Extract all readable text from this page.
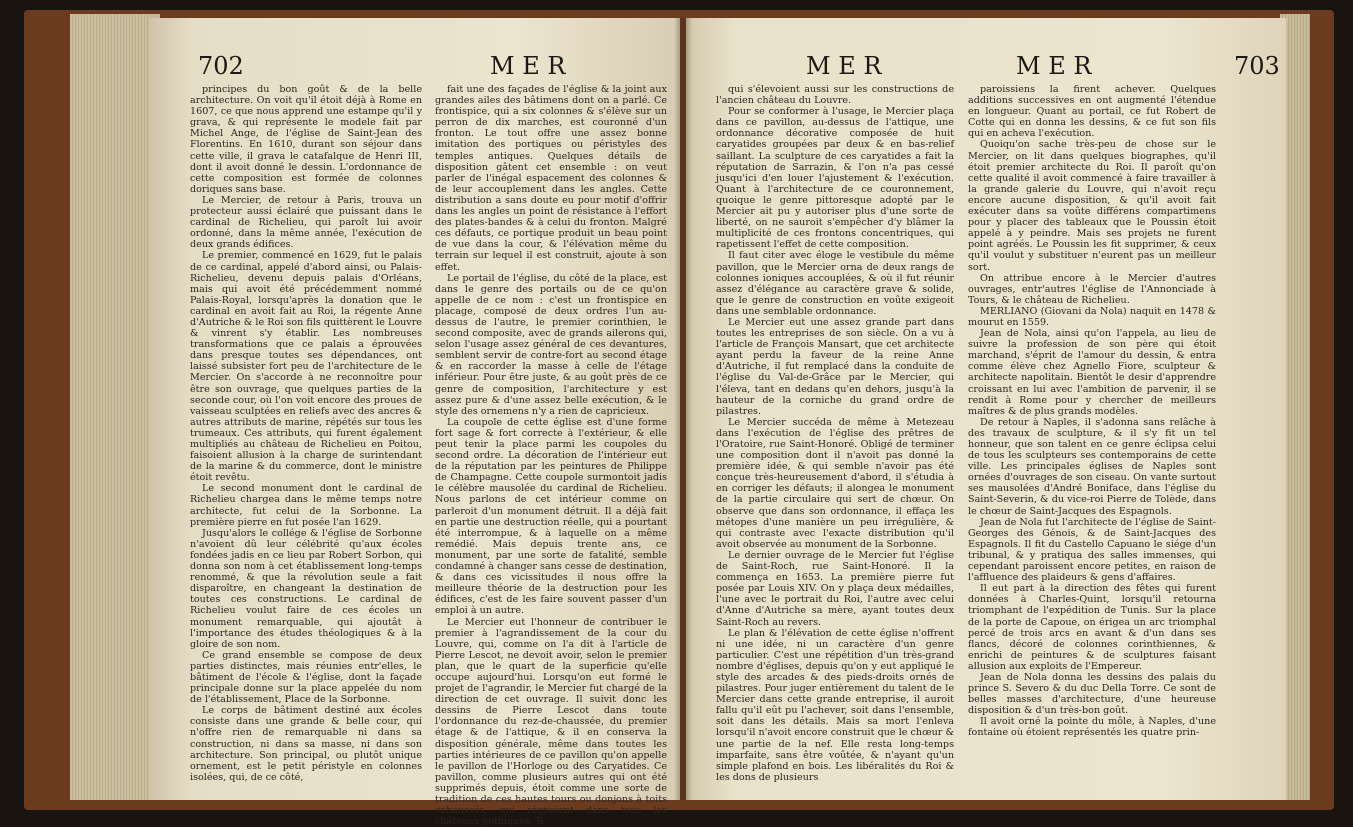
702	M E R

principes du bon goût & de la belle architecture. On voit qu'il étoit déjà à Rome en 1607, ce que nous apprend une estampe qu'il y grava, & qui représente le modele fait par Michel Ange, de l'église de Saint-Jean des Florentins. En 1610, durant son séjour dans cette ville, il grava le catafalque de Henri III, dont il avoit donné le dessin. L'ordonnance de cette composition est formée de colonnes doriques sans base.

Le Mercier, de retour à Paris, trouva un protecteur aussi éclairé que puissant dans le cardinal de Richelieu, qui paroît lui avoir ordonné, dans la même année, l'exécution de deux grands édifices.

Le premier, commencé en 1629, fut le palais de ce cardinal, appelé d'abord ainsi, ou Palais-Richelieu, devenu depuis palais d'Orléans, mais qui avoit été précédemment nommé Palais-Royal, lorsqu'après la donation que le cardinal en avoit fait au Roi, la régente Anne d'Autriche & le Roi son fils quittèrent le Louvre & vinrent s'y établir. Les nombreuses transformations que ce palais a éprouvées dans presque toutes ses dépendances, ont laissé subsister fort peu de l'architecture de le Mercier. On s'accorde à ne reconnoître pour être son ouvrage, que quelques parties de la seconde cour, où l'on voit encore des proues de vaisseau sculptées en reliefs avec des ancres & autres attributs de marine, répétés sur tous les trumeaux. Ces attributs, qui furent également multipliés au château de Richelieu en Poitou, faisoient allusion à la charge de surintendant de la marine & du commerce, dont le ministre étoit revêtu.

Le second monument dont le cardinal de Richelieu chargea dans le même temps notre architecte, fut celui de la Sorbonne. La première pierre en fut posée l'an 1629.

Jusqu'alors le collége & l'église de Sorbonne n'avoient dû leur célébrité qu'aux écoles fondées jadis en ce lieu par Robert Sorbon, qui donna son nom à cet établissement long-temps renommé, & que la révolution seule a fait disparoître, en changeant la destination de toutes ces constructions. Le cardinal de Richelieu voulut faire de ces écoles un monument remarquable, qui ajoutât à l'importance des études théologiques & à la gloire de son nom.

Ce grand ensemble se compose de deux parties distinctes, mais réunies entr'elles, le bâtiment de l'école & l'église, dont la façade principale donne sur la place appelée du nom de l'établissement, Place de la Sorbonne.

Le corps de bâtiment destiné aux écoles consiste dans une grande & belle cour, qui n'offre rien de remarquable ni dans sa construction, ni dans sa masse, ni dans son architecture. Son principal, ou plutôt unique ornement, est le petit péristyle en colonnes isolées, qui, de ce côté,

fait une des façades de l'église & la joint aux grandes ailes des bâtimens dont on a parlé. Ce frontispice, qui a six colonnes & s'élève sur un perron de dix marches, est couronné d'un fronton. Le tout offre une assez bonne imitation des portiques ou péristyles des temples antiques. Quelques détails de disposition gâtent cet ensemble : on veut parler de l'inégal espacement des colonnes & de leur accouplement dans les angles. Cette distribution a sans doute eu pour motif d'offrir dans les angles un point de résistance à l'effort des plates-bandes & à celui du fronton. Malgré ces défauts, ce portique produit un beau point de vue dans la cour, & l'élévation même du terrain sur lequel il est construit, ajoute à son effet.

Le portail de l'église, du côté de la place, est dans le genre des portails ou de ce qu'on appelle de ce nom : c'est un frontispice en placage, composé de deux ordres l'un au-dessus de l'autre, le premier corinthien, le second composite, avec de grands ailerons qui, selon l'usage assez général de ces devantures, semblent servir de contre-fort au second étage & en raccorder la masse à celle de l'étage inférieur. Pour être juste, & au goût près de ce genre de composition, l'architecture y est assez pure & d'une assez belle exécution, & le style des ornemens n'y a rien de capricieux.

La coupole de cette église est d'une forme fort sage & fort correcte à l'extérieur, & elle peut tenir la place parmi les coupoles du second ordre. La décoration de l'intérieur eut de la réputation par les peintures de Philippe de Champagne. Cette coupole surmontoit jadis le célèbre mausolée du cardinal de Richelieu. Nous parlons de cet intérieur comme on parleroit d'un monument détruit. Il a déjà fait en partie une destruction réelle, qui a pourtant été interrompue, & à laquelle on a même remédié. Mais depuis trente ans, ce monument, par une sorte de fatalité, semble condamné à changer sans cesse de destination, & dans ces vicissitudes il nous offre la meilleure théorie de la destruction pour les édifices, c'est de les faire souvent passer d'un emploi à un autre.

Le Mercier eut l'honneur de contribuer le premier à l'agrandissement de la cour du Louvre, qui, comme on l'a dit à l'article de Pierre Lescot, ne devoit avoir, selon le premier plan, que le quart de la superficie qu'elle occupe aujourd'hui. Lorsqu'on eut formé le projet de l'agrandir, le Mercier fut chargé de la direction de cet ouvrage. Il suivit donc les dessins de Pierre Lescot dans toute l'ordonnance du rez-de-chaussée, du premier étage & de l'attique, & il en conserva la disposition générale, même dans toutes les parties intérieures de ce pavillon qu'on appelle le pavillon de l'Horloge ou des Caryatides. Ce pavillon, comme plusieurs autres qui ont été supprimés depuis, étoit comme une sorte de tradition de ces hautes tours ou donjons à toits exhaussés, qui régnoient dans tous les châteaux gothiques, &

M E R	M E R	703

qui s'élevoient aussi sur les constructions de l'ancien château du Louvre.

Pour se conformer à l'usage, le Mercier plaça dans ce pavillon, au-dessus de l'attique, une ordonnance décorative composée de huit caryatides groupées par deux & en bas-relief saillant. La sculpture de ces caryatides a fait la réputation de Sarrazin, & l'on n'a pas cessé jusqu'ici d'en louer l'ajustement & l'exécution. Quant à l'architecture de ce couronnement, quoique le genre pittoresque adopté par le Mercier ait pu y autoriser plus d'une sorte de liberté, on ne sauroit s'empêcher d'y blâmer la multiplicité de ces frontons concentriques, qui rapetissent l'effet de cette composition.

Il faut citer avec éloge le vestibule du même pavillon, que le Mercier orna de deux rangs de colonnes ioniques accouplées, & où il fut réunir assez d'élégance au caractère grave & solide, que le genre de construction en voûte exigeoit dans une semblable ordonnance.

Le Mercier eut une assez grande part dans toutes les entreprises de son siècle. On a vu à l'article de François Mansart, que cet architecte ayant perdu la faveur de la reine Anne d'Autriche, il fut remplacé dans la conduite de l'église du Val-de-Grâce par le Mercier, qui l'éleva, tant en dedans qu'en dehors, jusqu'à la hauteur de la corniche du grand ordre de pilastres.

Le Mercier succéda de même à Metezeau dans l'exécution de l'église des prêtres de l'Oratoire, rue Saint-Honoré. Obligé de terminer une composition dont il n'avoit pas donné la première idée, & qui semble n'avoir pas été conçue très-heureusement d'abord, il s'étudia à en corriger les défauts; il alongea le monument de la partie circulaire qui sert de chœur. On observe que dans son ordonnance, il effaça les métopes d'une manière un peu irrégulière, & qui contraste avec l'exacte distribution qu'il avoit observée au monument de la Sorbonne.

Le dernier ouvrage de le Mercier fut l'église de Saint-Roch, rue Saint-Honoré. Il la commença en 1653. La première pierre fut posée par Louis XIV. On y plaça deux médailles, l'une avec le portrait du Roi, l'autre avec celui d'Anne d'Autriche sa mère, ayant toutes deux Saint-Roch au revers.

Le plan & l'élévation de cette église n'offrent ni une idée, ni un caractère d'un genre particulier. C'est une répétition d'un très-grand nombre d'églises, depuis qu'on y eut appliqué le style des arcades & des pieds-droits ornés de pilastres. Pour juger entièrement du talent de le Mercier dans cette grande entreprise, il auroit fallu qu'il eût pu l'achever, soit dans l'ensemble, soit dans les détails. Mais sa mort l'enleva lorsqu'il n'avoit encore construit que le chœur & une partie de la nef. Elle resta long-temps imparfaite, sans être voûtée, & n'ayant qu'un simple plafond en bois. Les libéralités du Roi & les dons de plusieurs

paroissiens la firent achever. Quelques additions successives en ont augmenté l'étendue en longueur. Quant au portail, ce fut Robert de Cotte qui en donna les dessins, & ce fut son fils qui en acheva l'exécution.

Quoiqu'on sache très-peu de chose sur le Mercier, on lit dans quelques biographes, qu'il étoit premier architecte du Roi. Il paroît qu'on cette qualité il avoit commencé à faire travailler à la grande galerie du Louvre, qui n'avoit reçu encore aucune disposition, & qu'il avoit fait exécuter dans sa voûte différens compartimens pour y placer des tableaux que le Poussin étoit appelé à y peindre. Mais ses projets ne furent point agréés. Le Poussin les fit supprimer, & ceux qu'il voulut y substituer n'eurent pas un meilleur sort.

On attribue encore à le Mercier d'autres ouvrages, entr'autres l'église de l'Annonciade à Tours, & le château de Richelieu.

MERLIANO (Giovani da Nola) naquit en 1478 & mourut en 1559.

Jean de Nola, ainsi qu'on l'appela, au lieu de suivre la profession de son père qui étoit marchand, s'éprit de l'amour du dessin, & entra comme élève chez Agnello Fiore, sculpteur & architecte napolitain. Bientôt le desir d'apprendre croissant en lui avec l'ambition de parvenir, il se rendit à Rome pour y chercher de meilleurs maîtres & de plus grands modèles.

De retour à Naples, il s'adonna sans relâche à des travaux de sculpture, & il s'y fit un tel honneur, que son talent en ce genre éclipsa celui de tous les sculpteurs ses contemporains de cette ville. Les principales églises de Naples sont ornées d'ouvrages de son ciseau. On vante surtout ses mausolées d'André Boniface, dans l'église du Saint-Severin, & du vice-roi Pierre de Tolède, dans le chœur de Saint-Jacques des Espagnols.

Jean de Nola fut l'architecte de l'église de Saint-Georges des Génois, & de Saint-Jacques des Espagnols. Il fit du Castello Capuano le siége d'un tribunal, & y pratiqua des salles immenses, qui cependant paroissent encore petites, en raison de l'affluence des plaideurs & gens d'affaires.

Il eut part à la direction des fêtes qui furent données à Charles-Quint, lorsqu'il retourna triomphant de l'expédition de Tunis. Sur la place de la porte de Capoue, on érigea un arc triomphal percé de trois arcs en avant & d'un dans ses flancs, décoré de colonnes corinthiennes, & enrichi de peintures & de sculptures faisant allusion aux exploits de l'Empereur.

Jean de Nola donna les dessins des palais du prince S. Severo & du duc Della Torre. Ce sont de belles masses d'architecture, d'une heureuse disposition & d'un très-bon goût.

Il avoit orné la pointe du môle, à Naples, d'une fontaine où étoient représentés les quatre prin-
